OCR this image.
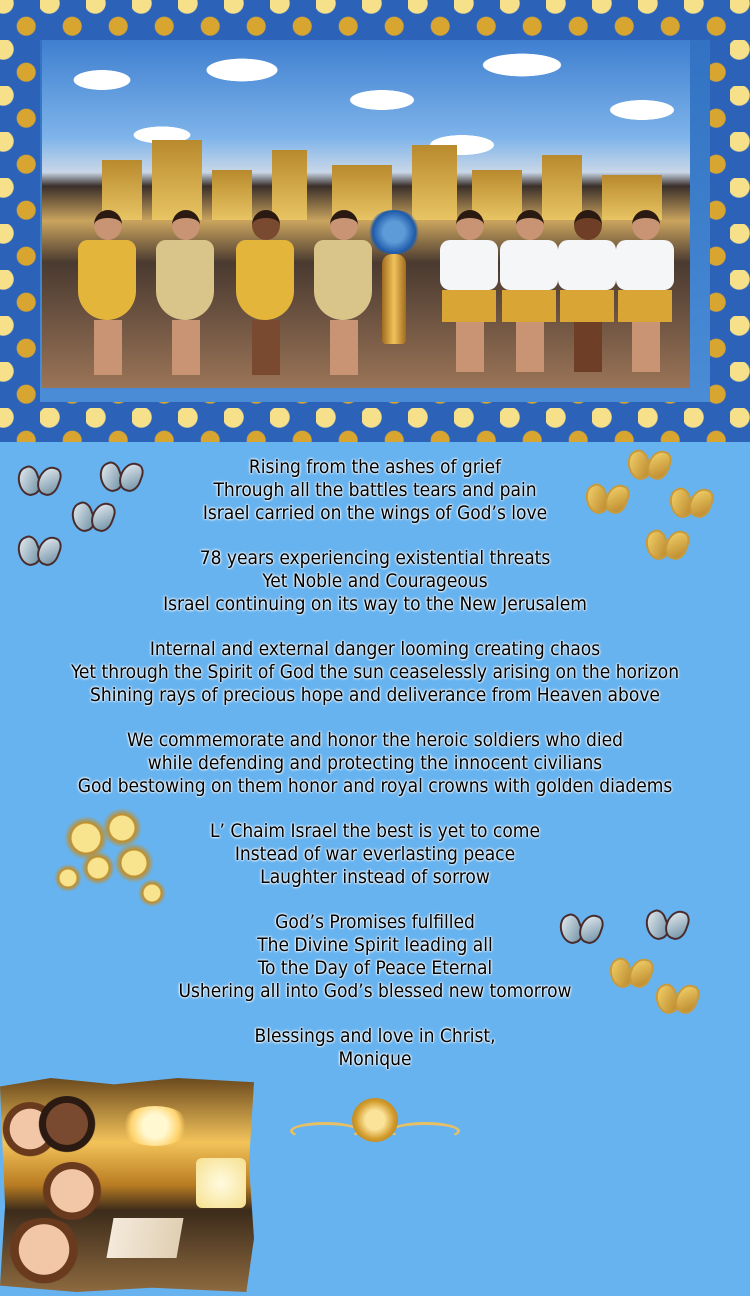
Rising from the ashes of grief
Through all the battles tears and pain
Israel carried on the wings of God’s love
78 years experiencing existential threats
Yet Noble and Courageous
Israel continuing on its way to the New Jerusalem
Internal and external danger looming creating chaos
Yet through the Spirit of God the sun ceaselessly arising on the horizon
Shining rays of precious hope and deliverance from Heaven above
We commemorate and honor the heroic soldiers who died
while defending and protecting the innocent civilians
God bestowing on them honor and royal crowns with golden diadems
L’ Chaim Israel the best is yet to come
Instead of war everlasting peace
Laughter instead of sorrow
God’s Promises fulfilled
The Divine Spirit leading all
To the Day of Peace Eternal
Ushering all into God’s blessed new tomorrow
Blessings and love in Christ,
Monique
